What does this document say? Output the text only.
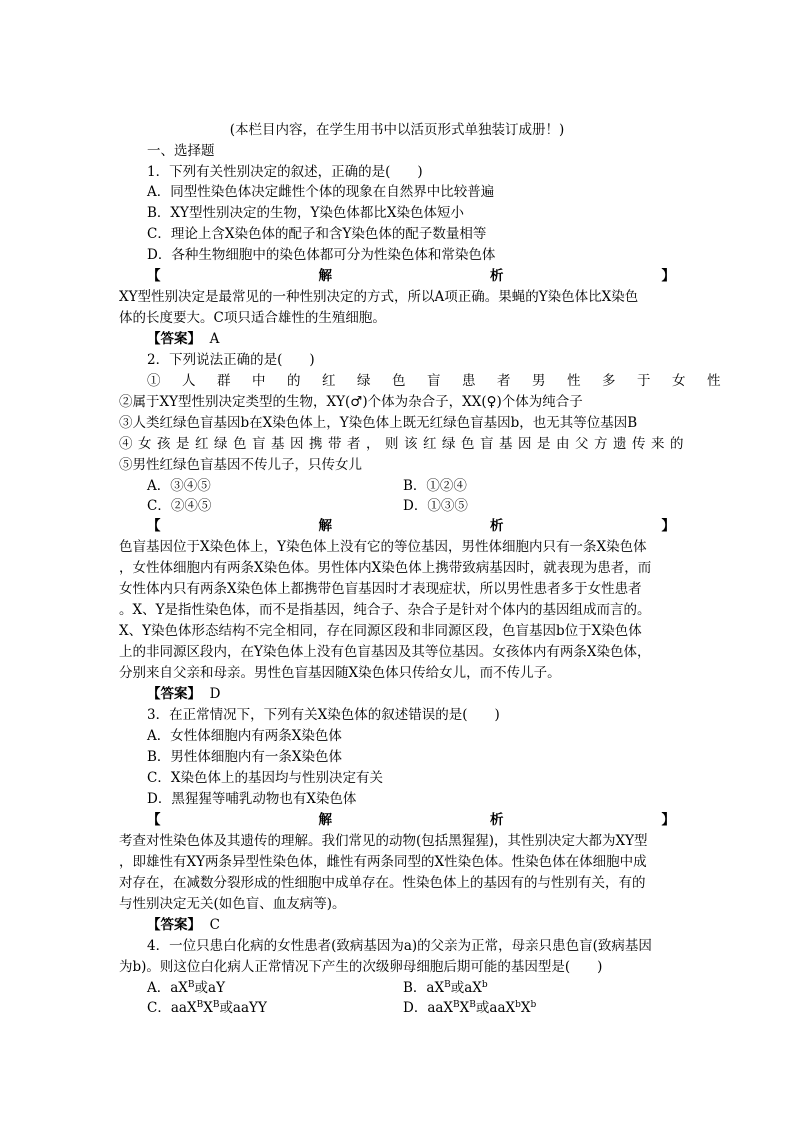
(本栏目内容，在学生用书中以活页形式单独装订成册！)
一、选择题
1．下列有关性别决定的叙述，正确的是(　　)
A．同型性染色体决定雌性个体的现象在自然界中比较普遍
B．XY型性别决定的生物，Y染色体都比X染色体短小
C．理论上含X染色体的配子和含Y染色体的配子数量相等
D．各种生物细胞中的染色体都可分为性染色体和常染色体
【	解	析	】
XY型性别决定是最常见的一种性别决定的方式，所以A项正确。果蝇的Y染色体比X染色
体的长度要大。C项只适合雄性的生殖细胞。
【答案】 A
2．下列说法正确的是(　　)
①人群中的红绿色盲患者男性多于女性
②属于XY型性别决定类型的生物，XY(♂)个体为杂合子，XX(♀)个体为纯合子
③人类红绿色盲基因b在X染色体上，Y染色体上既无红绿色盲基因b，也无其等位基因B
④女孩是红绿色盲基因携带者，则该红绿色盲基因是由父方遗传来的
⑤男性红绿色盲基因不传儿子，只传女儿
A．③④⑤	B．①②④
C．②④⑤	D．①③⑤
【	解	析	】
色盲基因位于X染色体上，Y染色体上没有它的等位基因，男性体细胞内只有一条X染色体
，女性体细胞内有两条X染色体。男性体内X染色体上携带致病基因时，就表现为患者，而
女性体内只有两条X染色体上都携带色盲基因时才表现症状，所以男性患者多于女性患者
。X、Y是指性染色体，而不是指基因，纯合子、杂合子是针对个体内的基因组成而言的。
X、Y染色体形态结构不完全相同，存在同源区段和非同源区段，色盲基因b位于X染色体
上的非同源区段内，在Y染色体上没有色盲基因及其等位基因。女孩体内有两条X染色体，
分别来自父亲和母亲。男性色盲基因随X染色体只传给女儿，而不传儿子。
【答案】 D
3．在正常情况下，下列有关X染色体的叙述错误的是(　　)
A．女性体细胞内有两条X染色体
B．男性体细胞内有一条X染色体
C．X染色体上的基因均与性别决定有关
D．黑猩猩等哺乳动物也有X染色体
【	解	析	】
考查对性染色体及其遗传的理解。我们常见的动物(包括黑猩猩)，其性别决定大都为XY型
，即雄性有XY两条异型性染色体，雌性有两条同型的X性染色体。性染色体在体细胞中成
对存在，在减数分裂形成的性细胞中成单存在。性染色体上的基因有的与性别有关，有的
与性别决定无关(如色盲、血友病等)。
【答案】 C
4．一位只患白化病的女性患者(致病基因为a)的父亲为正常，母亲只患色盲(致病基因
为b)。则这位白化病人正常情况下产生的次级卵母细胞后期可能的基因型是(　　)
A．$aX^B$或aY	B．$aX^B$或$aX^b$
C．$aaX^BX^B$或aaYY	D．$aaX^BX^B$或$aaX^bX^b$
